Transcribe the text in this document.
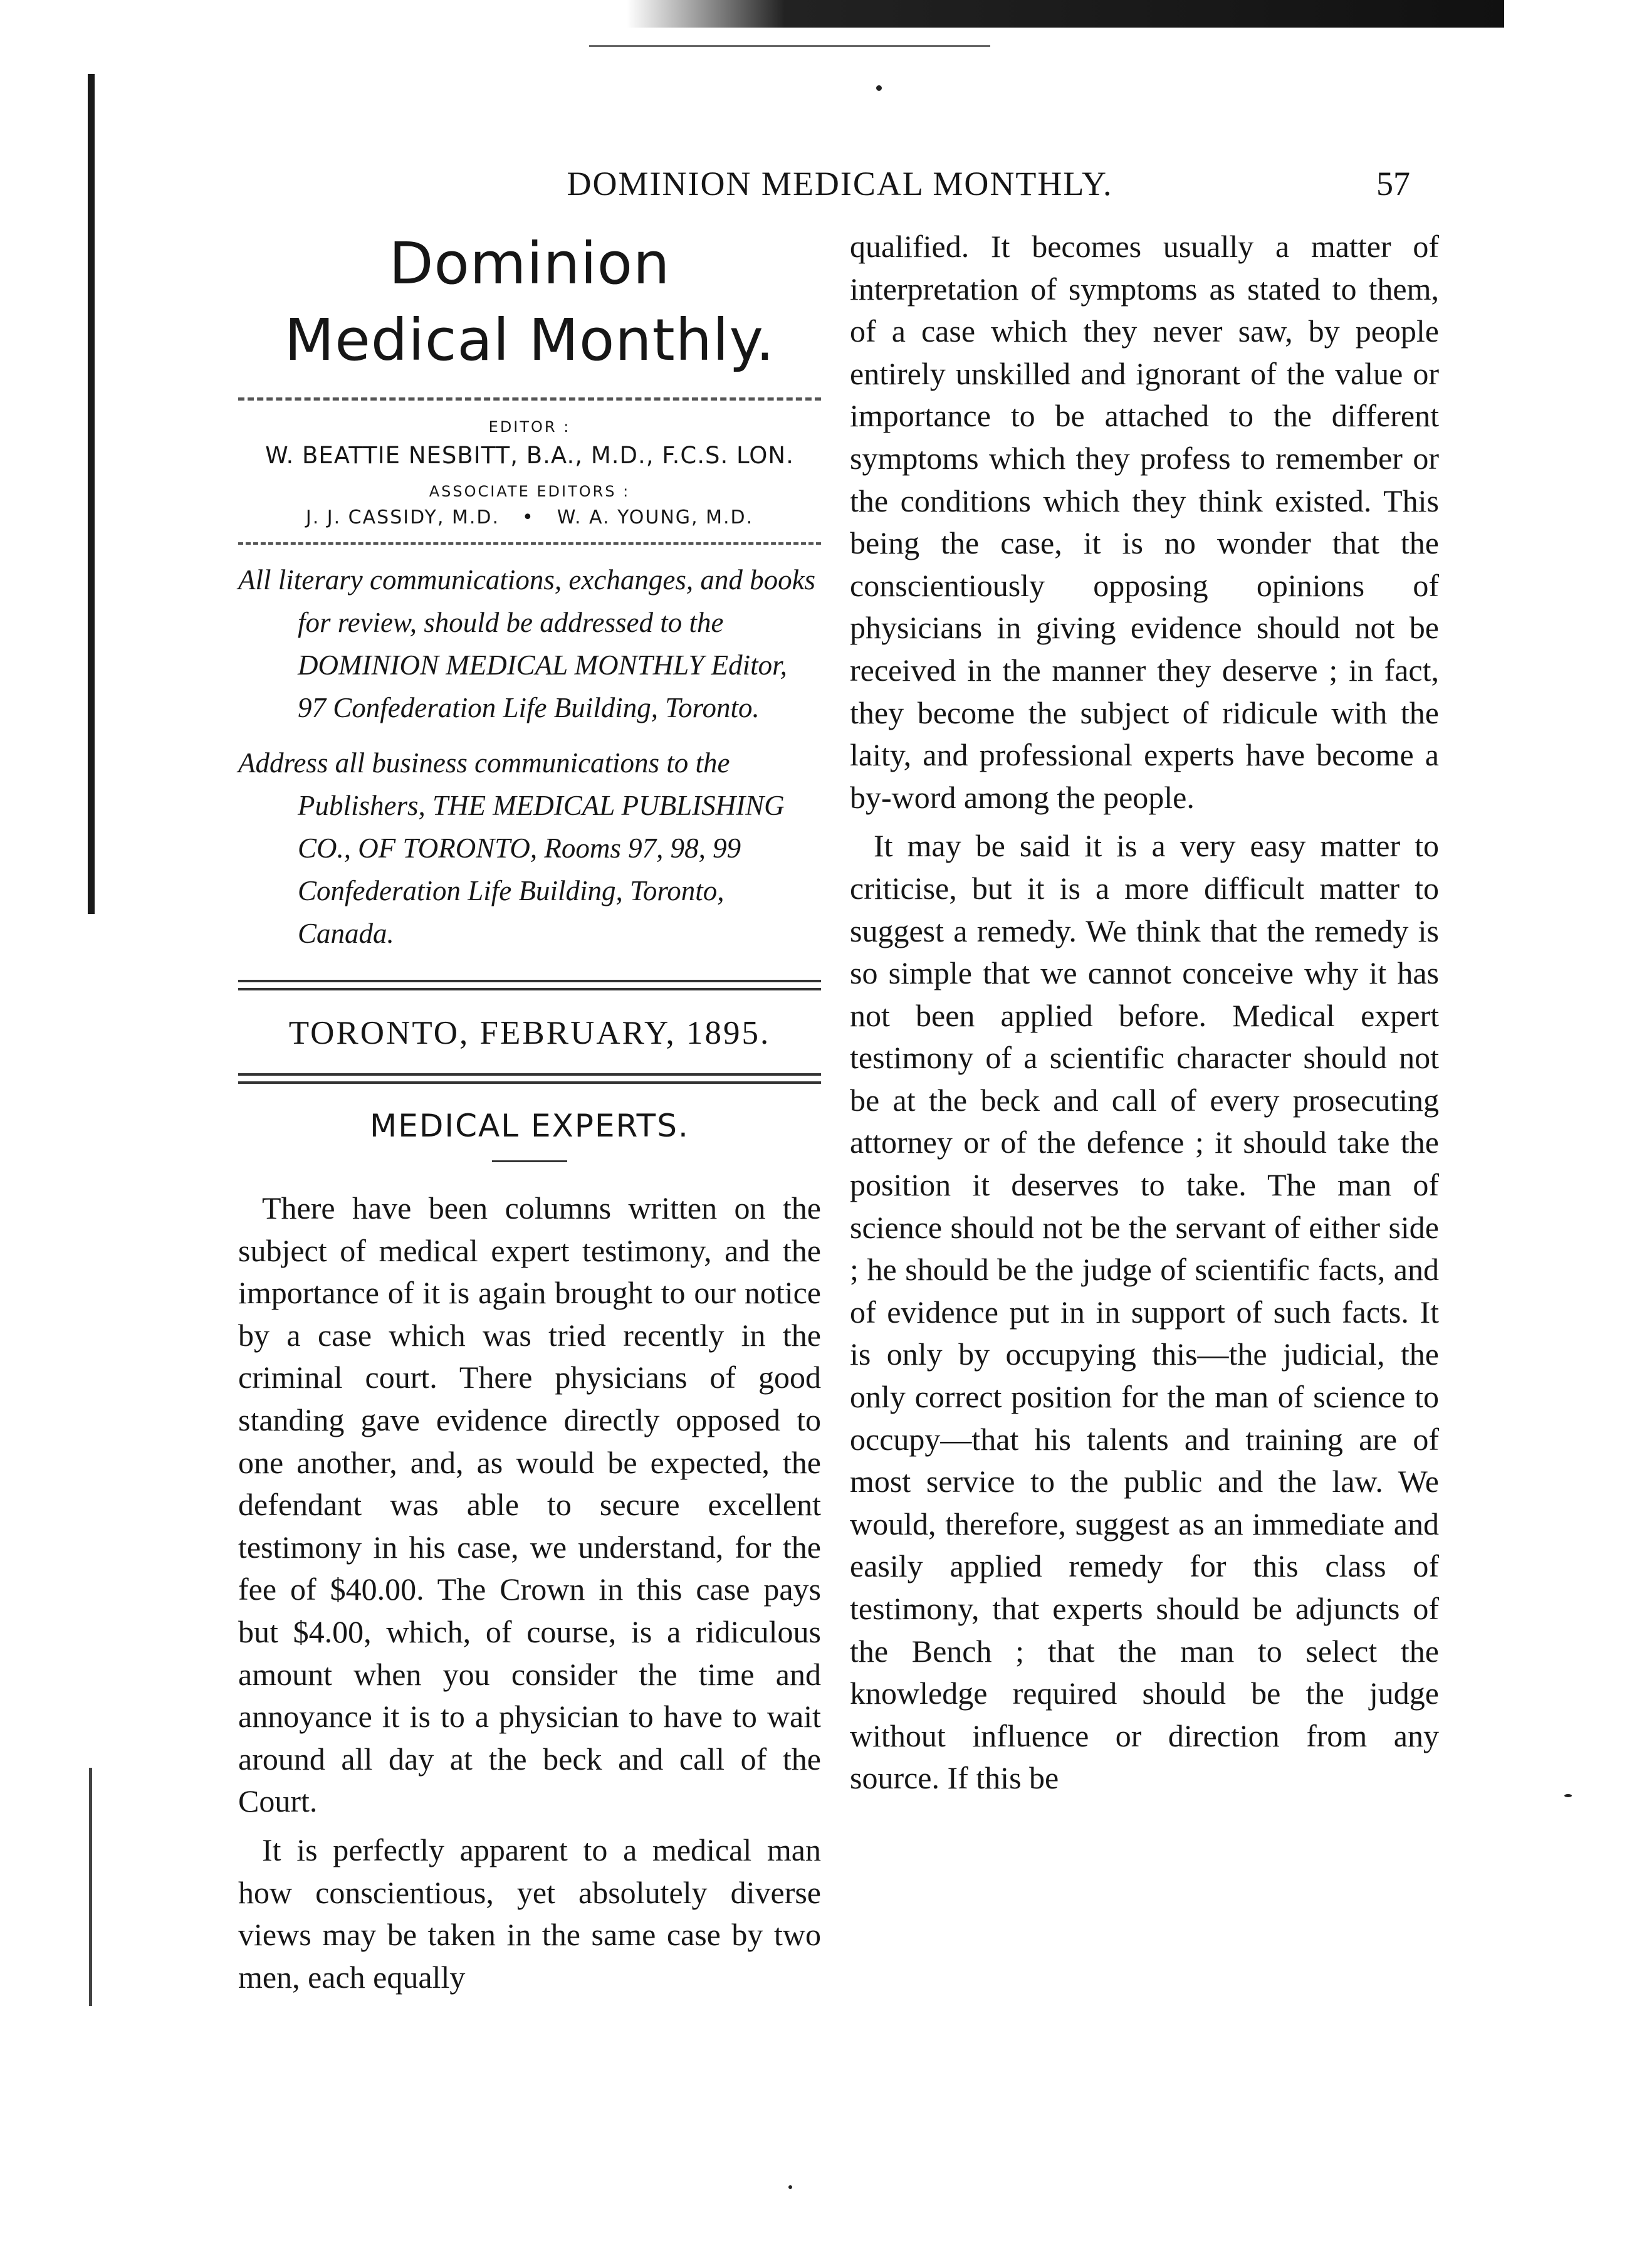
DOMINION MEDICAL MONTHLY.	57
Dominion
Medical Monthly.
EDITOR :
W. BEATTIE NESBITT, B.A., M.D., F.C.S. LON.
ASSOCIATE EDITORS :
J. J. CASSIDY, M.D. • W. A. YOUNG, M.D.

All literary communications, exchanges, and books for review, should be addressed to the DOMINION MEDICAL MONTHLY Editor, 97 Confederation Life Building, Toronto.

Address all business communications to the Publishers, THE MEDICAL PUBLISHING CO., OF TORONTO, Rooms 97, 98, 99 Confederation Life Building, Toronto, Canada.

TORONTO, FEBRUARY, 1895.

MEDICAL EXPERTS.

There have been columns written on the subject of medical expert testimony, and the importance of it is again brought to our notice by a case which was tried recently in the criminal court. There physicians of good standing gave evidence directly opposed to one another, and, as would be expected, the defendant was able to secure excellent testimony in his case, we understand, for the fee of $40.00. The Crown in this case pays but $4.00, which, of course, is a ridiculous amount when you consider the time and annoyance it is to a physician to have to wait around all day at the beck and call of the Court.

It is perfectly apparent to a medical man how conscientious, yet absolutely diverse views may be taken in the same case by two men, each equally

qualified. It becomes usually a matter of interpretation of symptoms as stated to them, of a case which they never saw, by people entirely unskilled and ignorant of the value or importance to be attached to the different symptoms which they profess to remember or the conditions which they think existed. This being the case, it is no wonder that the conscientiously opposing opinions of physicians in giving evidence should not be received in the manner they deserve ; in fact, they become the subject of ridicule with the laity, and professional experts have become a by-word among the people.

It may be said it is a very easy matter to criticise, but it is a more difficult matter to suggest a remedy. We think that the remedy is so simple that we cannot conceive why it has not been applied before. Medical expert testimony of a scientific character should not be at the beck and call of every prosecuting attorney or of the defence ; it should take the position it deserves to take. The man of science should not be the servant of either side ; he should be the judge of scientific facts, and of evidence put in in support of such facts. It is only by occupying this—the judicial, the only correct position for the man of science to occupy—that his talents and training are of most service to the public and the law. We would, therefore, suggest as an immediate and easily applied remedy for this class of testimony, that experts should be adjuncts of the Bench ; that the man to select the knowledge required should be the judge without influence or direction from any source. If this be
